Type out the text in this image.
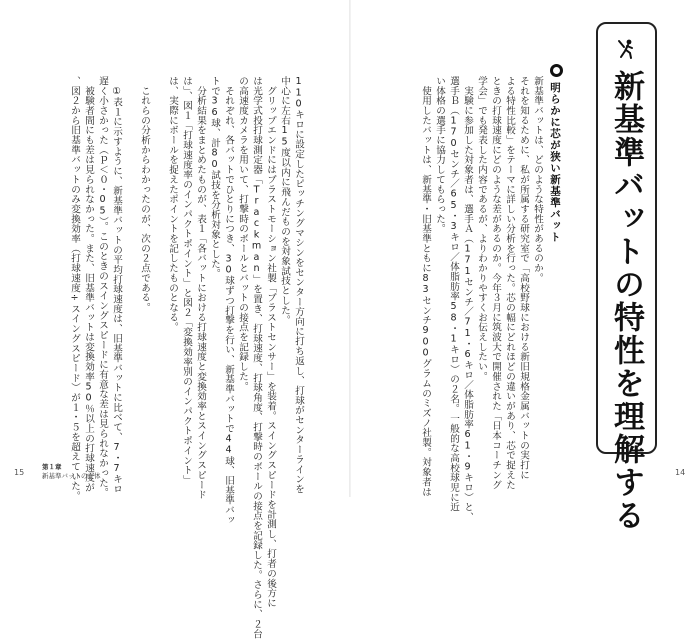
新基準バットの特性を理解する
明らかに芯が狭い新基準バット
新基準バットは、どのような特性があるのか。
それを知るために、私が所属する研究室で「高校野球における新旧規格金属バットの実打に
よる特性比較」をテーマに詳しい分析を行った。芯の幅にどれほどの違いがあり、芯で捉えた
ときの打球速度にどのような差があるのか。今年３月に筑波大で開催された「日本コーチング
学会」でも発表した内容であるが、よりわかりやすくお伝えしたい。
　実験に参加した対象者は、選手Ａ（171センチ／71・6キロ／体脂肪率61・9キロ）と、
選手Ｂ（170センチ／65・3キロ／体脂肪率58・1キロ）の２名。一般的な高校球児に近
い体格の選手に協力してもらった。
　使用したバットは、新基準・旧基準ともに83センチ900グラムのミズノ社製。対象者は
110キロに設定したピッチングマシンをセンター方向に打ち返し、打球がセンターラインを
中心に左右15度以内に飛んだものを対象試技とした。
　グリップエンドにはブラストモーション社製「ブラストセンサー」を装着。スイングスピードを計測し、打者の後方に
は光学式投打球測定器「Trackman」を置き、打球速度、打球角度、打撃時のボールの接点を記録した。さらに、２台
の高速度カメラを用いて、打撃時のボールとバットの接点を記録した。
　それぞれ、各バットでひとりにつき、30球ずつ打撃を行い、新基準バットで44球、旧基準バッ
トで36球、計80試技を分析対象とした。
　分析結果をまとめたものが、表１「各バットにおける打球速度と変換効率とスイングスピード
は」、図１「打球速度率のインパクトポイント」と図２「変換効率別のインパクトポイント」
は、実際にボールを捉えたポイントを記したものとなる。
　これらの分析からわかったのが、次の２点である。
　①表１に示すように、新基準バットの平均打球速度は、旧基準バットに比べて、7・7キロ
遅く小さかった（ｐ＜０・05）。このときのスイングスピードに有意な差は見られなかった。
　被験者間にも差は見られなかった。また、旧基準バットは変換効率50％以上の打球速度が
、図２から旧基準バットのみ変換効率（打球速度÷スイングスピード）が１・５を超えていた。
15
第１章
新基準バットの正体	14
